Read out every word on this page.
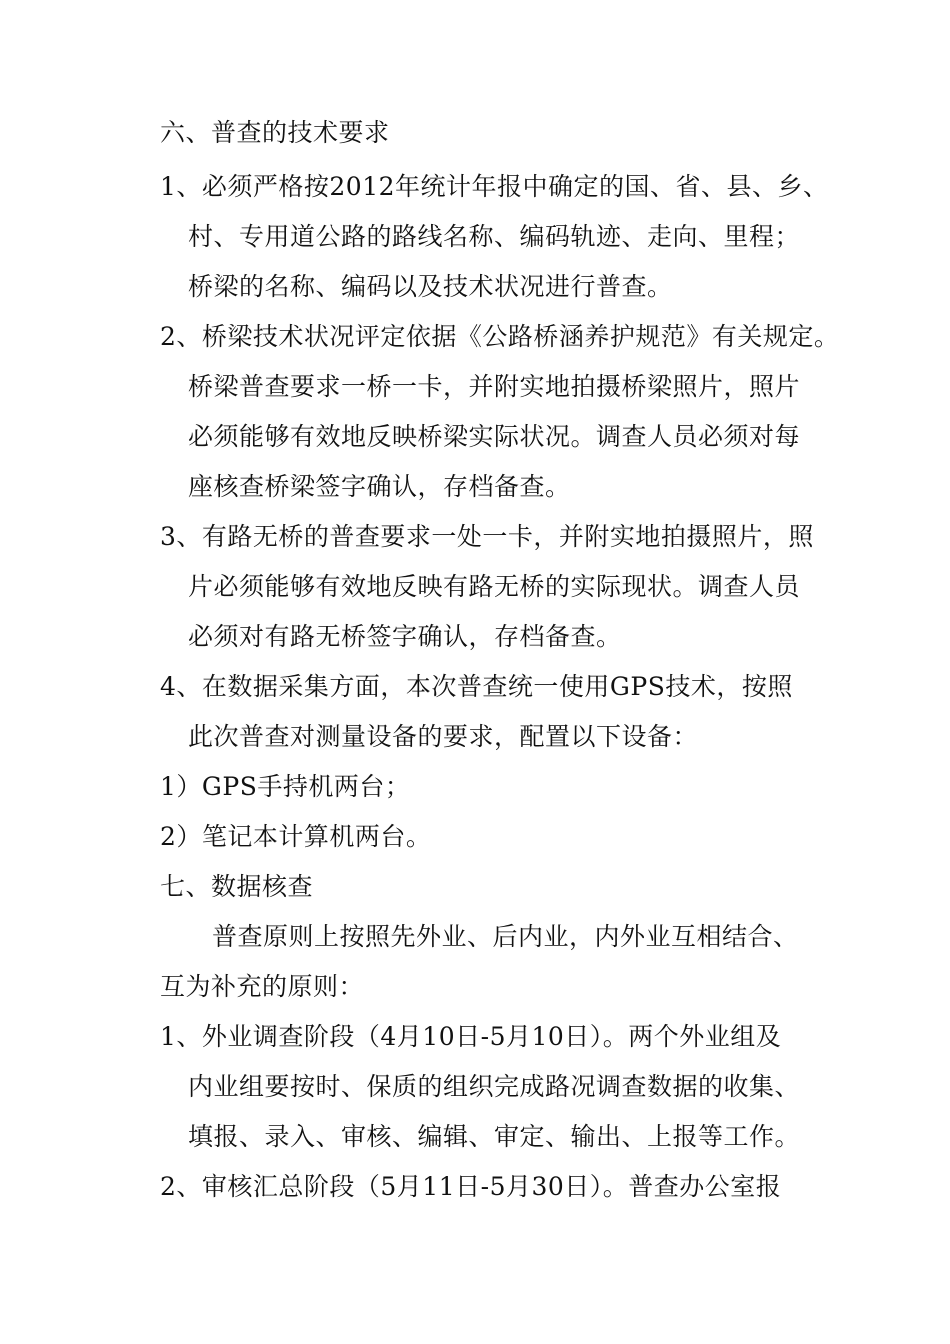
六、普查的技术要求
1、必须严格按2012年统计年报中确定的国、省、县、乡、
村、专用道公路的路线名称、编码轨迹、走向、里程；
桥梁的名称、编码以及技术状况进行普查。
2、桥梁技术状况评定依据《公路桥涵养护规范》有关规定。
桥梁普查要求一桥一卡，并附实地拍摄桥梁照片，照片
必须能够有效地反映桥梁实际状况。调查人员必须对每
座核查桥梁签字确认，存档备查。
3、有路无桥的普查要求一处一卡，并附实地拍摄照片，照
片必须能够有效地反映有路无桥的实际现状。调查人员
必须对有路无桥签字确认，存档备查。
4、在数据采集方面，本次普查统一使用GPS技术，按照
此次普查对测量设备的要求，配置以下设备：
1）GPS手持机两台；
2）笔记本计算机两台。
七、数据核查
普查原则上按照先外业、后内业，内外业互相结合、
互为补充的原则：
1、外业调查阶段（4月10日-5月10日）。两个外业组及
内业组要按时、保质的组织完成路况调查数据的收集、
填报、录入、审核、编辑、审定、输出、上报等工作。
2、审核汇总阶段（5月11日-5月30日）。普查办公室报
